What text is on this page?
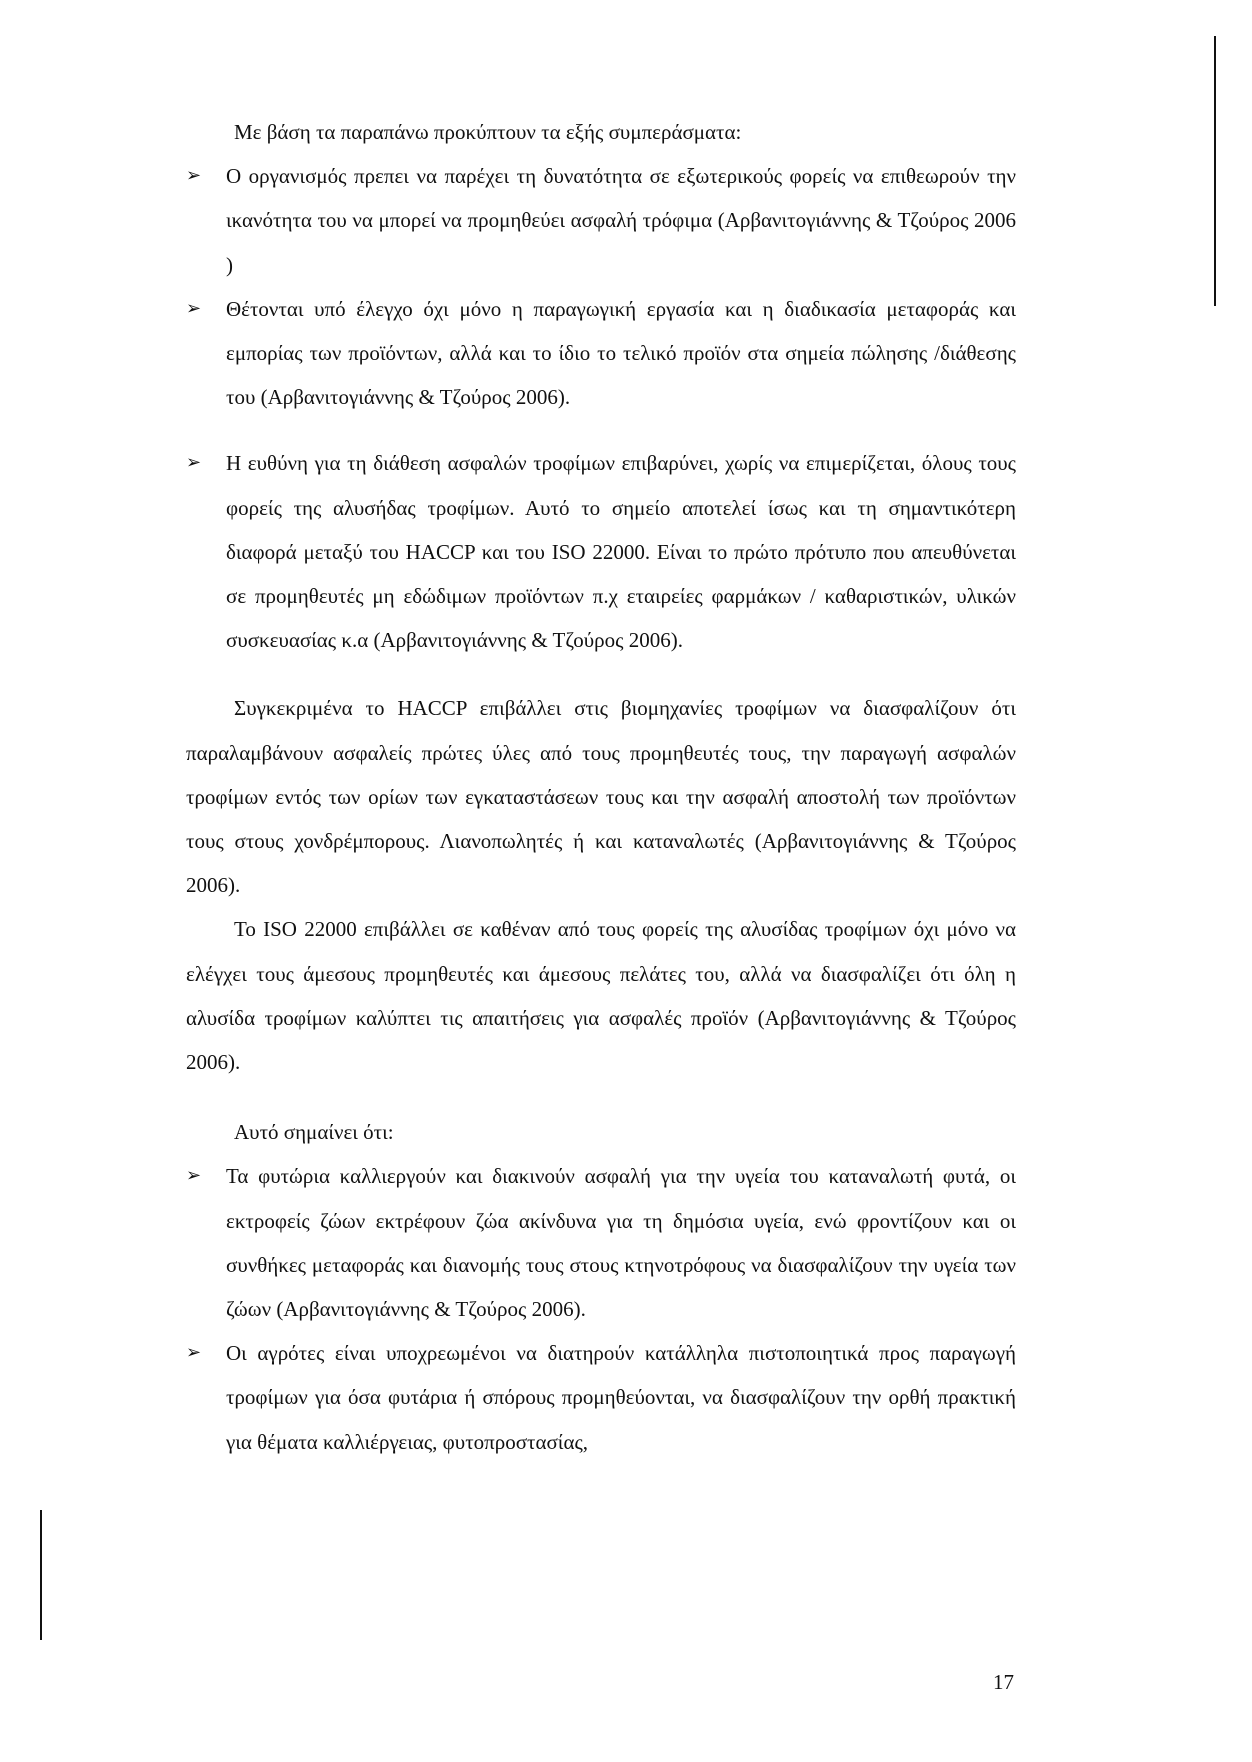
Με βάση τα παραπάνω προκύπτουν τα εξής συμπεράσματα:

➢ Ο οργανισμός πρεπει να παρέχει τη δυνατότητα σε εξωτερικούς φορείς να επιθεωρούν την ικανότητα του να μπορεί να προμηθεύει ασφαλή τρόφιμα (Αρβανιτογιάννης & Τζούρος 2006 )

➢ Θέτονται υπό έλεγχο όχι μόνο η παραγωγική εργασία και η διαδικασία μεταφοράς και εμπορίας των προϊόντων, αλλά και το ίδιο το τελικό προϊόν στα σημεία πώλησης /διάθεσης του (Αρβανιτογιάννης & Τζούρος 2006).

➢ Η ευθύνη για τη διάθεση ασφαλών τροφίμων επιβαρύνει, χωρίς να επιμερίζεται, όλους τους φορείς της αλυσήδας τροφίμων. Αυτό το σημείο αποτελεί ίσως και τη σημαντικότερη διαφορά μεταξύ του HACCP και του ISO 22000. Είναι το πρώτο πρότυπο που απευθύνεται σε προμηθευτές μη εδώδιμων προϊόντων π.χ εταιρείες φαρμάκων / καθαριστικών, υλικών συσκευασίας κ.α (Αρβανιτογιάννης & Τζούρος 2006).

Συγκεκριμένα το HACCP επιβάλλει στις βιομηχανίες τροφίμων να διασφαλίζουν ότι παραλαμβάνουν ασφαλείς πρώτες ύλες από τους προμηθευτές τους, την παραγωγή ασφαλών τροφίμων εντός των ορίων των εγκαταστάσεων τους και την ασφαλή αποστολή των προϊόντων τους στους χονδρέμπορους. Λιανοπωλητές ή και καταναλωτές (Αρβανιτογιάννης & Τζούρος 2006).

Το ISO 22000 επιβάλλει σε καθέναν από τους φορείς της αλυσίδας τροφίμων όχι μόνο να ελέγχει τους άμεσους προμηθευτές και άμεσους πελάτες του, αλλά να διασφαλίζει ότι όλη η αλυσίδα τροφίμων καλύπτει τις απαιτήσεις για ασφαλές προϊόν (Αρβανιτογιάννης & Τζούρος 2006).

Αυτό σημαίνει ότι:

➢ Τα φυτώρια καλλιεργούν και διακινούν ασφαλή για την υγεία του καταναλωτή φυτά, οι εκτροφείς ζώων εκτρέφουν ζώα ακίνδυνα για τη δημόσια υγεία, ενώ φροντίζουν και οι συνθήκες μεταφοράς και διανομής τους στους κτηνοτρόφους να διασφαλίζουν την υγεία των ζώων (Αρβανιτογιάννης & Τζούρος 2006).

➢ Οι αγρότες είναι υποχρεωμένοι να διατηρούν κατάλληλα πιστοποιητικά προς παραγωγή τροφίμων για όσα φυτάρια ή σπόρους προμηθεύονται, να διασφαλίζουν την ορθή πρακτική για θέματα καλλιέργειας, φυτοπροστασίας,

17
